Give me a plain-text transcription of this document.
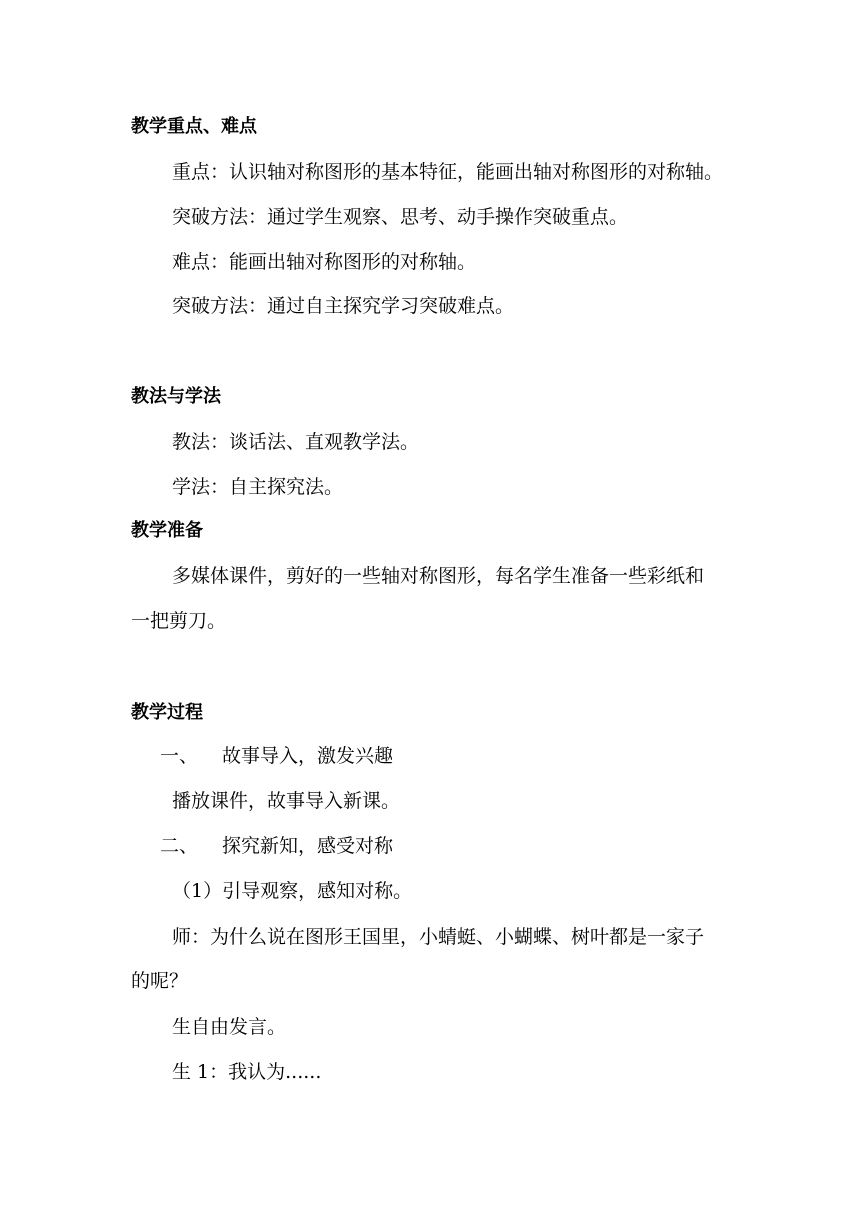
教学重点、难点
重点：认识轴对称图形的基本特征，能画出轴对称图形的对称轴。
突破方法：通过学生观察、思考、动手操作突破重点。
难点：能画出轴对称图形的对称轴。
突破方法：通过自主探究学习突破难点。
教法与学法
教法：谈话法、直观教学法。
学法：自主探究法。
教学准备
多媒体课件，剪好的一些轴对称图形，每名学生准备一些彩纸和
一把剪刀。
教学过程
一、 故事导入，激发兴趣
播放课件，故事导入新课。
二、 探究新知，感受对称
（1）引导观察，感知对称。
师：为什么说在图形王国里，小蜻蜓、小蝴蝶、树叶都是一家子
的呢？
生自由发言。
生 1：我认为......
